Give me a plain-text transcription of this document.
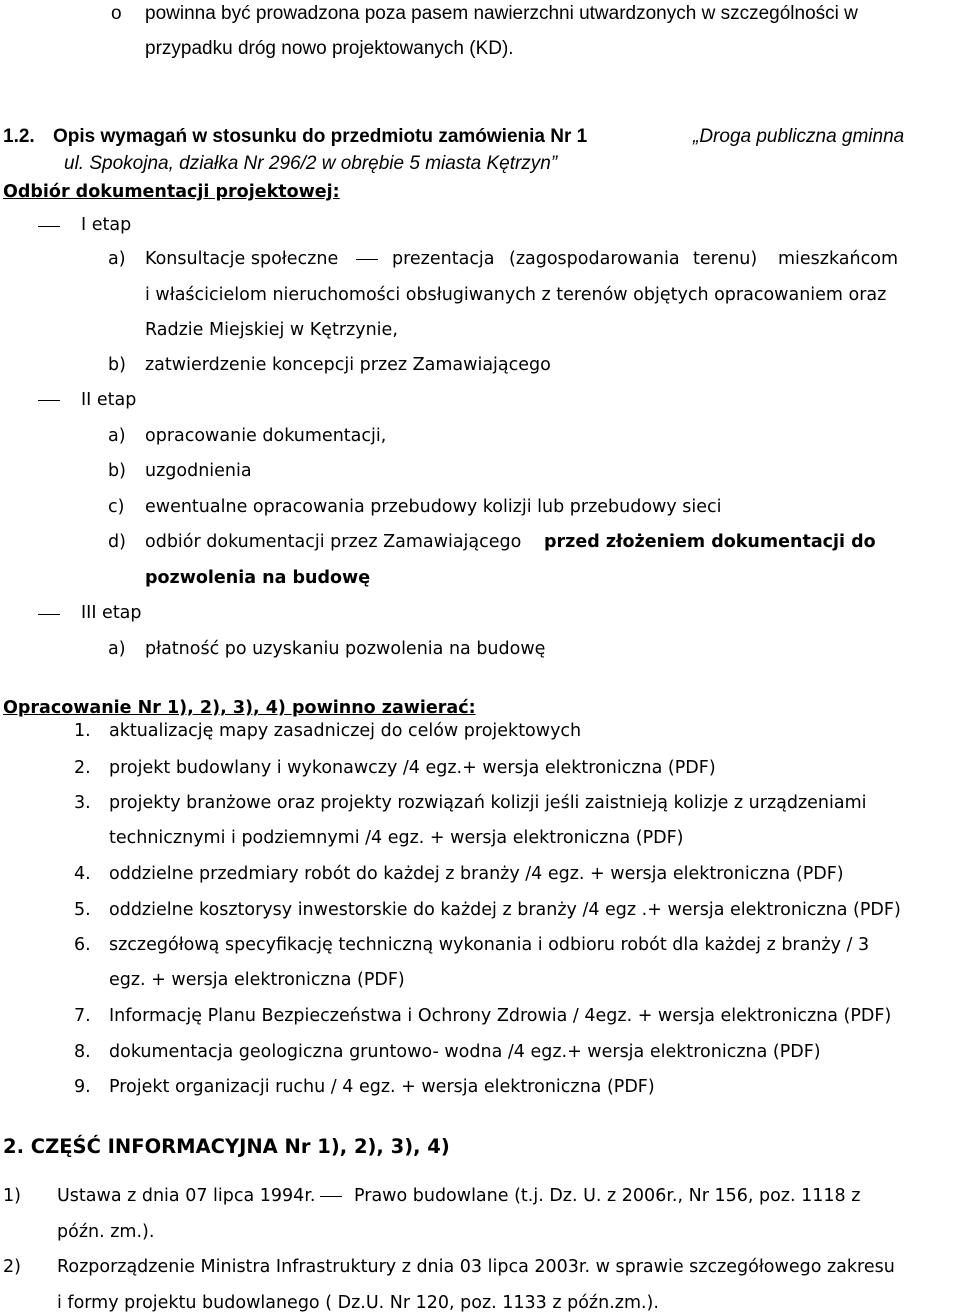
o powinna być prowadzona poza pasem nawierzchni utwardzonych w szczególności w
przypadku dróg nowo projektowanych (KD).
1.2. Opis wymagań w stosunku do przedmiotu zamówienia Nr 1	„Droga publiczna gminna
ul. Spokojna, działka Nr 296/2 w obrębie 5 miasta Kętrzyn”
Odbiór dokumentacji projektowej:
I etap
a) Konsultacje społeczne	prezentacja (zagospodarowania terenu) mieszkańcom
i właścicielom nieruchomości obsługiwanych z terenów objętych opracowaniem oraz
Radzie Miejskiej w Kętrzynie,
b) zatwierdzenie koncepcji przez Zamawiającego
II etap
a) opracowanie dokumentacji,
b) uzgodnienia
c) ewentualne opracowania przebudowy kolizji lub przebudowy sieci
d) odbiór dokumentacji przez Zamawiającego przed złożeniem dokumentacji do
pozwolenia na budowę
III etap
a) płatność po uzyskaniu pozwolenia na budowę
Opracowanie Nr 1), 2), 3), 4) powinno zawierać:
1. aktualizację mapy zasadniczej do celów projektowych
2. projekt budowlany i wykonawczy /4 egz.+ wersja elektroniczna (PDF)
3. projekty branżowe oraz projekty rozwiązań kolizji jeśli zaistnieją kolizje z urządzeniami
technicznymi i podziemnymi /4 egz. + wersja elektroniczna (PDF)
4. oddzielne przedmiary robót do każdej z branży /4 egz. + wersja elektroniczna (PDF)
5. oddzielne kosztorysy inwestorskie do każdej z branży /4 egz .+ wersja elektroniczna (PDF)
6. szczegółową specyfikację techniczną wykonania i odbioru robót dla każdej z branży / 3
egz. + wersja elektroniczna (PDF)
7. Informację Planu Bezpieczeństwa i Ochrony Zdrowia / 4egz. + wersja elektroniczna (PDF)
8. dokumentacja geologiczna gruntowo- wodna /4 egz.+ wersja elektroniczna (PDF)
9. Projekt organizacji ruchu / 4 egz. + wersja elektroniczna (PDF)
2. CZĘŚĆ INFORMACYJNA Nr 1), 2), 3), 4)
1) Ustawa z dnia 07 lipca 1994r. Prawo budowlane (t.j. Dz. U. z 2006r., Nr 156, poz. 1118 z
późn. zm.).
2) Rozporządzenie Ministra Infrastruktury z dnia 03 lipca 2003r. w sprawie szczegółowego zakresu
i formy projektu budowlanego ( Dz.U. Nr 120, poz. 1133 z późn.zm.).
